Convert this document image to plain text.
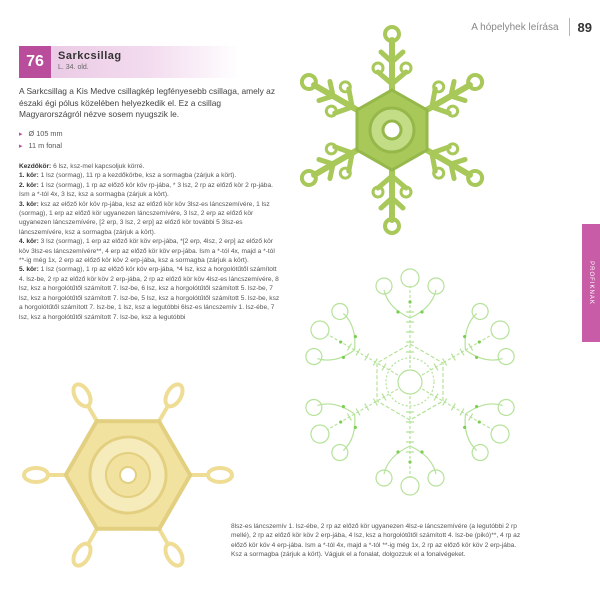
A hópelyhek leírása 89
76	Sarkcsillag
L. 34. old.

A Sarkcsillag a Kis Medve csillagkép legfényesebb csillaga, amely az északi égi pólus közelében helyezkedik el. Ez a csillag Magyarországról nézve sosem nyugszik le.

▸ Ø 105 mm
▸ 11 m fonal

Kezdőkör: 6 lsz, ksz-mel kapcsoljuk körré.

1. kör: 1 lsz (sormag), 11 rp a kezdőkörbe, ksz a sormagba (zárjuk a kört).

2. kör: 1 lsz (sormag), 1 rp az előző kör köv rp-jába, * 3 lsz, 2 rp az előző kör 2 rp-jába. Ism a *-tól 4x, 3 lsz, ksz a sormagba (zárjuk a kört).

3. kör: ksz az előző kör köv rp-jába, ksz az előző kör köv 3lsz-es láncszemívére, 1 lsz (sormag), 1 erp az előző kör ugyanezen láncszemívére, 3 lsz, 2 erp az előző kör ugyanezen láncszemívére, [2 erp, 3 lsz, 2 erp] az előző kör további 5 3lsz-es láncszemívére, ksz a sormagba (zárjuk a kört).

4. kör: 3 lsz (sormag), 1 erp az előző kör köv erp-jába, *[2 erp, 4lsz, 2 erp] az előző kör köv 3lsz-es láncszemívére**, 4 erp az előző kör köv erp-jába. Ism a *-tól 4x, majd a *-tól **-ig még 1x, 2 erp az előző kör köv 2 erp-jába, ksz a sormagba (zárjuk a kört).

5. kör: 1 lsz (sormag), 1 rp az előző kör köv erp-jába, *4 lsz, ksz a horgolótűtől számított 4. lsz-be, 2 rp az előző kör köv 2 erp-jába, 2 rp az előző kör köv 4lsz-es láncszemívére, 8 lsz, ksz a horgolótűtől számított 7. lsz-be, 6 lsz, ksz a horgolótűtől számított 5. lsz-be, 7 lsz, ksz a horgolótűtől számított 7. lsz-be, 5 lsz, ksz a horgolótűtől számított 5. lsz-be, ksz a horgolótűtől számított 7. lsz-be, 1 lsz, ksz a legutóbbi 6lsz-es láncszemív 1. lsz-ébe, 7 lsz, ksz a horgolótűtől számított 7. lsz-be, ksz a legutóbbi

8lsz-es láncszemív 1. lsz-ébe, 2 rp az előző kör ugyanezen 4lsz-e láncszemívére (a legutóbbi 2 rp mellé), 2 rp az előző kör köv 2 erp-jába, 4 lsz, ksz a horgolótűtől számított 4. lsz-be (pikó)**, 4 rp az előző kör köv 4 erp-jába. Ism a *-tól 4x, majd a *-tól **-ig még 1x, 2 rp az előző kör köv 2 erp-jába. Ksz a sormagba (zárjuk a kört). Vágjuk el a fonalat, dolgozzuk el a fonalvégeket.

PROFIKNAK
